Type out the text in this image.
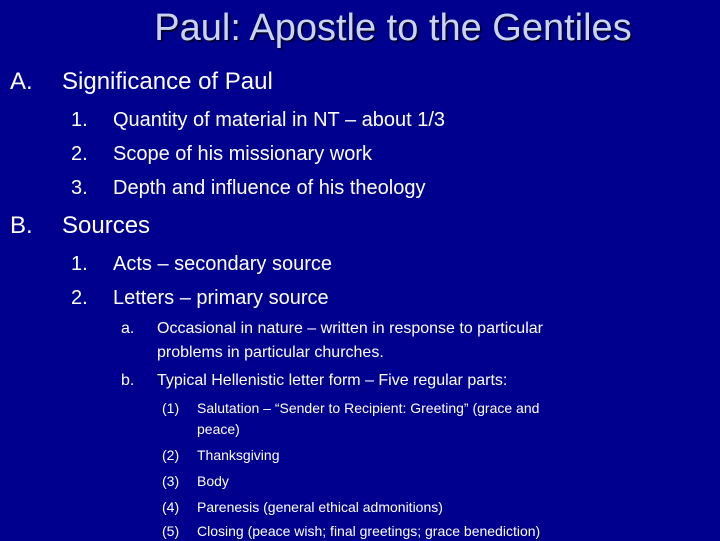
Paul: Apostle to the Gentiles
A. Significance of Paul
1. Quantity of material in NT – about 1/3
2. Scope of his missionary work
3. Depth and influence of his theology
B. Sources
1. Acts – secondary source
2. Letters – primary source
a. Occasional in nature – written in response to particular
problems in particular churches.
b. Typical Hellenistic letter form – Five regular parts:
(1) Salutation – “Sender to Recipient: Greeting” (grace and
peace)
(2) Thanksgiving
(3) Body
(4) Parenesis (general ethical admonitions)
(5) Closing (peace wish; final greetings; grace benediction)
